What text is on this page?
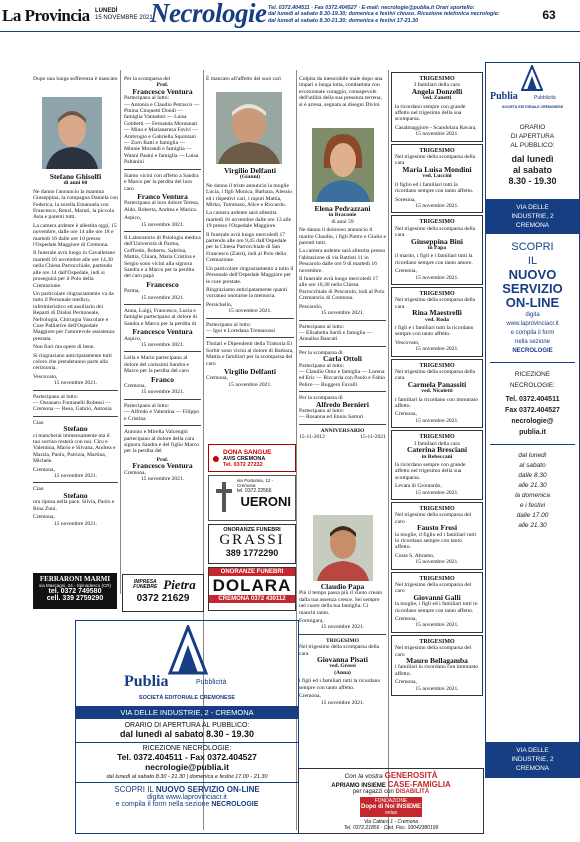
La Provincia LUNEDÌ
15 NOVEMBRE 2021
Necrologie Tel. 0372.404511 · Fax 0372.404527 · E-mail: necrologie@publia.it Orari sportello:
dal lunedì al sabato 8.30-19.30; domenica e festivi chiuso. Ricezione telefonica necrologie:
dal lunedì al sabato 8.30-21.30; domenica e festivi 17-21.30	63

Dopo una lunga sofferenza è mancato

Stefano Ghisolfi

di anni 60

Ne danno l'annuncio la mamma Giuseppina, la compagna Daniela con Federica, la sorella Emanuela con Francesco, Renzi, Maruti, la piccola Asia e parenti tutti.

La camera ardente è allestita oggi, 15 novembre, dalle ore 14 alle ore 18 e martedì 16 dalle ore 10 presso l'Ospedale Maggiore di Cremona.

Il funerale avrà luogo in Cavalletano martedì 16 novembre alle ore 14,30 nella Chiesa Parrocchiale, partendo alle ore 14 dall'Ospedale, indi si proseguirà per il Polo della Cremazione.

Un particolare ringraziamento va da tutto il Personale medico, infermieristico ed ausiliario dei Reparti di Dialisi Peritoneale, Nefrologia, Chirurgia Vascolare e Cure Palliative dell'Ospedale Maggiore per l'amorevole assistenza prestata.

Non fiori ma opere di bene.

Si ringraziano anticipatamente tutti coloro che prenderanno parte alla cerimonia.

Vescovato,

15 novembre 2021.

Partecipano al lutto:

— Ossanaro Fontanelli Robessi — Cremona — Resa, Gabrio, Antonia

Ciao

Stefano

ci mancherai immensamente ma il tuo sorriso resterà con noi. Ciro e Valentina, Mario e Silvana, Andrea e Marzia, Paolo, Patrizia, Martina, Michele.

Cremona,

15 novembre 2021.

Ciao

Stefano

ora riposa nella pace. Silvia, Paolo e Rina Zoni.

Cremona,

15 novembre 2021.

FERRARONI MARMI
via Mascagni, 24 - Spinadesco (CR)
tel. 0372 749580
cell. 339 2759290
IMPRESA FUNEBRE Pietra
0372 21629

Per la scomparsa del

Prof.

Francesco Ventura

Partecipano al lutto:

— Antonia e Claudio Petracco — Pinina Cinquetti Dondi — famiglia Vantadori — Luisa Gobbetti — Fernanda Montanari — Mino e Marianeresa Faviri — Ambrogio e Gabriella Squintani — Zorn Ratti e famiglia — Minnie Morandi e famiglia — Wanni Pasini e famiglia — Luisa Paltanini

Siamo vicini con affetto a Sandra e Marco per la perdita del loro caro

Franco Ventura

Partecipano al loro dolore Teresa, Aldo, Roberta, Andrea e Marica.

Aspico,

15 novembre 2021.

Il Laboratorio di Psiologia medica dell'Università di Parma, Goffredo, Roberto, Sabrina, Mattia, Chiara, Maria Cristina e Sergio sono vicini alla signora Sandra e a Marco per la perdita del caro papà

Francesco

Parma,

15 novembre 2021.

Anna, Luigi, Francesco, Lucia e famiglie partecipano al dolore di Sandra e Marco per la perdita di

Francesco Ventura

Aspico,

15 novembre 2021.

Lella e Mario partecipano al dolore del carissimi Sandra e Marco per la perdita del caro

Franco

Cremona,

15 novembre 2021.

Partecipano al lutto:

— Alfredo e Valentina — Filippo e Cristina

Antonio e Mirella Valcenghi partecipano al dolore della cara signora Sandra e del figlio Marco per la perdita del

Prof.

Francesco Ventura

Cremona,

15 novembre 2021.

È mancato all'affetto dei suoi cari

Virgilio Delfanti

(Gianni)

Ne danno il triste annuncio la moglie Lucia, i figli Monica, Barbara, Alessio ed i rispettivi cari, i nipoti Mattia, Mirko, Tommaso, Alice e Riccardo.

La camera ardente sarà allestita martedì 16 novembre dalle ore 13 alle 19 presso l'Ospedale Maggiore.

Il funerale avrà luogo mercoledì 17 partendo alle ore 9,45 dall'Ospedale per la Chiesa Parrocchiale di San Francesco (Zaist), indi al Polo della Cremazione.

Un particolare ringraziamento a tutto il Personale dell'Ospedale Maggiore per le cure prestate.

Ringraziamo anticipatamente quanti vorranno onorarne la memoria.

Persichello,

15 novembre 2021.

Partecipano al lutto:

— Igor e Loredana Trentarossi

Titolari e Dipendenti della Trattoria El Sorbir sono vicini al dolore di Barbara, Mattia e familiari per la scomparsa del caro

Virgilio Delfanti

Cremona,

15 novembre 2021.

● DONA SANGUE
AVIS CREMONA
Tel. 0372 27232
via Postumia, 12 - Cremona
tel. 0372.22566
UERONI
ONORANZE FUNEBRI
GRASSI
389 1772290
ONORANZE FUNEBRI
DOLARA
CREMONA 0372 430112

Colpita da inesorabile male dopo una impari e lunga lotta, combattuta con eccezionale coraggio, consapevole dell'utilità della sua presenza terrena, si è arresa, segnata ai disegni Divini

Elena Pedrazzani

in Braconie

di anni 59

Ne danno il doloroso annuncio il marito Claudio, i figli Pietro e Giulio e parenti tutti.

La camera ardente sarà allestita presso l'abitazione di via Battisti 11 in Pescarolo dalle ore 9 di martedì 16 novembre.

Il funerale avrà luogo mercoledì 17 alle ore 10,30 nella Chiesa Parrocchiale di Pescarolo, indi al Polo Crematorio di Cremona.

Pescarolo,

15 novembre 2021.

Partecipano al lutto:

— Elisabetta Sardi e famiglia — Annalisa Bancati

Per la scomparsa di

Carla Ottoli

Partecipano al lutto:

— Claudio Omo e famiglia — Lorena ed Eric — Riccarda con Paolo e Fabio Pelice — Ruggero Favalli

Per la scomparsa di

Alfredo Bernieri

Partecipano al lutto:

— Rosanna ed Ennio Sartori

ANNIVERSARIO

15-11-2012	15-11-2021
Claudio Papa

Più il tempo passa più il vuoto creato dalla tua assenza cresce. Sei sempre nel cuore della tua famiglia. Ci manchi tanto.

Formigara,

15 novembre 2021.

TRIGESIMO

Nel trigesimo della scomparsa della cara

Giovanna Pisati

ved. Grossi

(Anna)

i figli ed i familiari tutti la ricordano sempre con tanto affetto.

Cremona,

15 novembre 2021.

TRIGESIMO

I familiari della cara

Angela Donzelli

ved. Zanetti

la ricordano sempre con grande affetto nel trigesimo della sua scomparsa.

Casalmaggiore - Scandolara Ravara,

15 novembre 2021.

TRIGESIMO

Nel trigesimo della scomparsa della cara

Maria Luisa Mondini

ved. Luccini

il figlio ed i familiari tutti la ricordano sempre con tanto affetto.

Soresina,

15 novembre 2021.

TRIGESIMO

Nel trigesimo della scomparsa della cara

Giuseppina Bini

in Papa

il marito, i figli e i familiari tutti la ricordano sempre con tanto amore.

Cremona,

15 novembre 2021.

TRIGESIMO

Nel trigesimo della scomparsa della cara

Rina Maestrelli

ved. Roda

i figli e i familiari tutti la ricordano sempre con tanto affetto.

Vescovato,

15 novembre 2021.

TRIGESIMO

Nel trigesimo della scomparsa della cara

Carmela Panassiti

ved. Nicoletti

i familiari la ricordano con immutato affetto.

Cremona,

15 novembre 2021.

TRIGESIMO

I familiari della cara

Caterina Bresciani

in Rebeccani

la ricordano sempre con grande affetto nel trigesimo della sua scomparsa.

Levata di Grontardo,

15 novembre 2021.

TRIGESIMO

Nel trigesimo della scomparsa del caro

Fausto Frosi

la moglie, il figlio ed i familiari tutti lo ricordano sempre con tanto affetto.

Costa S. Abramo,

15 novembre 2021.

TRIGESIMO

Nel trigesimo della scomparsa del caro

Giovanni Galli

la moglie, i figli ed i familiari tutti lo ricordano sempre con tanto affetto.

Cremona,

15 novembre 2021.

TRIGESIMO

Nel trigesimo della scomparsa del caro

Mauro Bellagamba

i familiari lo ricordano con immutato affetto.

Cremona,

15 novembre 2021.

Publia	Pubblicità
SOCIETÀ EDITORIALE CREMONESE
VIA DELLE INDUSTRIE, 2 - CREMONA
ORARIO DI APERTURA AL PUBBLICO:
dal lunedì al sabato 8.30 - 19.30
RICEZIONE NECROLOGIE:
Tel. 0372.404511 - Fax 0372.404527
necrologie@publia.it
dal lunedì al sabato 8.30 - 21.30 | domenica e festivi 17.00 - 21.30
SCOPRI IL NUOVO SERVIZIO ON-LINE
digita www.laprovinciacr.it
e compila il form nella sezione NECROLOGIE
Con la vostra GENEROSITÀ
APRIAMO INSIEME CASE-FAMIGLIA
per ragazzi con DISABILITÀ
FONDAZIONE
Dopo di Noi INSIEME
onlus
Via Cattaro 1 - Cremona
Tel. 0372.21856 · Cod. Fisc. 93042380199
Publia	Pubblicità
SOCIETÀ EDITORIALE CREMONESE
ORARIO
DI APERTURA
AL PUBBLICO:
dal lunedì
al sabato
8.30 - 19.30
VIA DELLE
INDUSTRIE, 2
CREMONA
SCOPRI
IL
NUOVO
SERVIZIO
ON-LINE
digita
www.laprovinciacr.it
e compila il form
nella sezione
NECROLOGIE
RICEZIONE
NECROLOGIE:
Tel. 0372.404511
Fax 0372.404527
necrologie@
publia.it
dal lunedì
al sabato
dalle 8.30
alle 21.30
la domenica
e i festivi
dalle 17.00
alle 21.30
VIA DELLE
INDUSTRIE, 2
CREMONA
